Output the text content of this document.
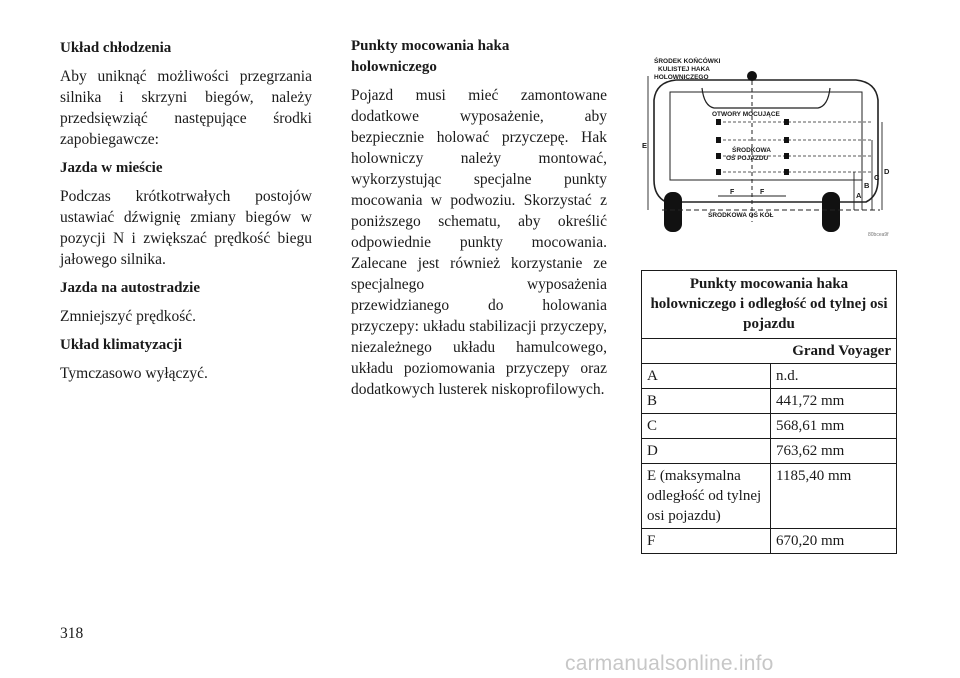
Układ chłodzenia
Aby uniknąć możliwości przegrzania silnika i skrzyni biegów, należy przedsięwziąć następujące środki zapobiegawcze:
Jazda w mieście
Podczas krótkotrwałych postojów ustawiać dźwignię zmiany biegów w pozycji N i zwiększać prędkość biegu jałowego silnika.
Jazda na autostradzie
Zmniejszyć prędkość.
Układ klimatyzacji
Tymczasowo wyłączyć.
Punkty mocowania haka holowniczego
Pojazd musi mieć zamontowane dodatkowe wyposażenie, aby bezpiecznie holować przyczepę. Hak holowniczy należy montować, wykorzystując specjalne punkty mocowania w podwoziu. Skorzystać z poniższego schematu, aby określić odpowiednie punkty mocowania. Zalecane jest również korzystanie ze specjalnego wyposażenia przewidzianego do holowania przyczepy: układu stabilizacji przyczepy, niezależnego układu hamulcowego, układu poziomowania przyczepy oraz dodatkowych lusterek niskoprofilowych.
ŚRODEK KOŃCÓWKI
KULISTEJ HAKA
HOLOWNICZEGO
OTWORY MOCUJĄCE
ŚRODKOWA
OŚ POJAZDU
ŚRODKOWA OŚ KÓŁ
F	F
E
A
B
C
D
80bcea9f
Punkty mocowania haka holowniczego i odległość od tylnej osi pojazdu	
Grand Voyager	
A	n.d.
B	441,72 mm
C	568,61 mm
D	763,62 mm
E (maksymalna odległość od tylnej osi pojazdu)	1185,40 mm
F	670,20 mm
318
carmanualsonline.info
